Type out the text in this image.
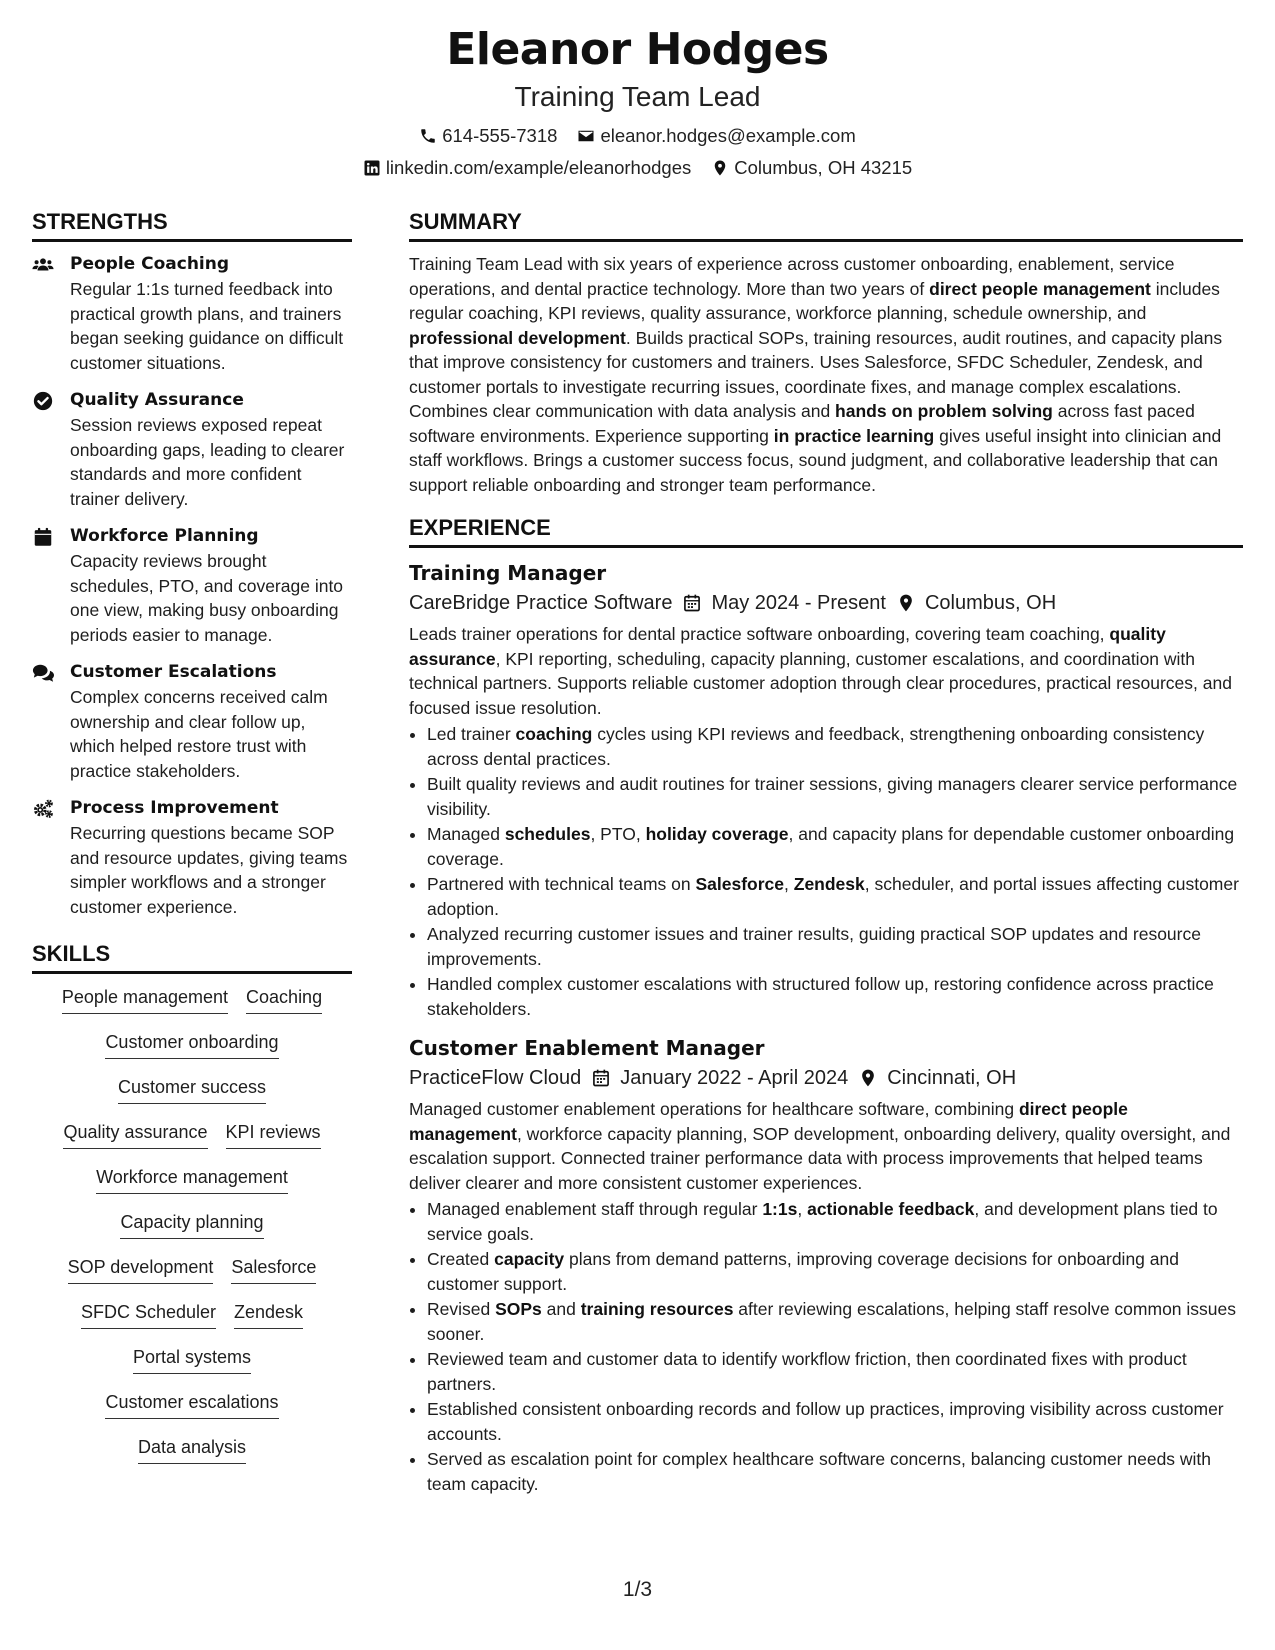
Eleanor Hodges
Training Team Lead
614-555-7318 eleanor.hodges@example.com
linkedin.com/example/eleanorhodges Columbus, OH 43215
STRENGTHS
People Coaching
Regular 1:1s turned feedback into practical growth plans, and trainers began seeking guidance on difficult customer situations.
Quality Assurance
Session reviews exposed repeat onboarding gaps, leading to clearer standards and more confident trainer delivery.
Workforce Planning
Capacity reviews brought schedules, PTO, and coverage into one view, making busy onboarding periods easier to manage.
Customer Escalations
Complex concerns received calm ownership and clear follow up, which helped restore trust with practice stakeholders.
Process Improvement
Recurring questions became SOP and resource updates, giving teams simpler workflows and a stronger customer experience.
SKILLS
People management Coaching
Customer onboarding
Customer success
Quality assurance KPI reviews
Workforce management
Capacity planning
SOP development Salesforce
SFDC Scheduler Zendesk
Portal systems
Customer escalations
Data analysis
SUMMARY

Training Team Lead with six years of experience across customer onboarding, enablement, service operations, and dental practice technology. More than two years of direct people management includes regular coaching, KPI reviews, quality assurance, workforce planning, schedule ownership, and professional development. Builds practical SOPs, training resources, audit routines, and capacity plans that improve consistency for customers and trainers. Uses Salesforce, SFDC Scheduler, Zendesk, and customer portals to investigate recurring issues, coordinate fixes, and manage complex escalations. Combines clear communication with data analysis and hands on problem solving across fast paced software environments. Experience supporting in practice learning gives useful insight into clinician and staff workflows. Brings a customer success focus, sound judgment, and collaborative leadership that can support reliable onboarding and stronger team performance.

EXPERIENCE
Training Manager
CareBridge Practice Software May 2024 - Present Columbus, OH

Leads trainer operations for dental practice software onboarding, covering team coaching, quality assurance, KPI reporting, scheduling, capacity planning, customer escalations, and coordination with technical partners. Supports reliable customer adoption through clear procedures, practical resources, and focused issue resolution.

• Led trainer coaching cycles using KPI reviews and feedback, strengthening onboarding consistency across dental practices.
• Built quality reviews and audit routines for trainer sessions, giving managers clearer service performance visibility.
• Managed schedules, PTO, holiday coverage, and capacity plans for dependable customer onboarding coverage.
• Partnered with technical teams on Salesforce, Zendesk, scheduler, and portal issues affecting customer adoption.
• Analyzed recurring customer issues and trainer results, guiding practical SOP updates and resource improvements.
• Handled complex customer escalations with structured follow up, restoring confidence across practice stakeholders.
Customer Enablement Manager
PracticeFlow Cloud January 2022 - April 2024 Cincinnati, OH

Managed customer enablement operations for healthcare software, combining direct people management, workforce capacity planning, SOP development, onboarding delivery, quality oversight, and escalation support. Connected trainer performance data with process improvements that helped teams deliver clearer and more consistent customer experiences.

• Managed enablement staff through regular 1:1s, actionable feedback, and development plans tied to service goals.
• Created capacity plans from demand patterns, improving coverage decisions for onboarding and customer support.
• Revised SOPs and training resources after reviewing escalations, helping staff resolve common issues sooner.
• Reviewed team and customer data to identify workflow friction, then coordinated fixes with product partners.
• Established consistent onboarding records and follow up practices, improving visibility across customer accounts.
• Served as escalation point for complex healthcare software concerns, balancing customer needs with team capacity.
1/3
